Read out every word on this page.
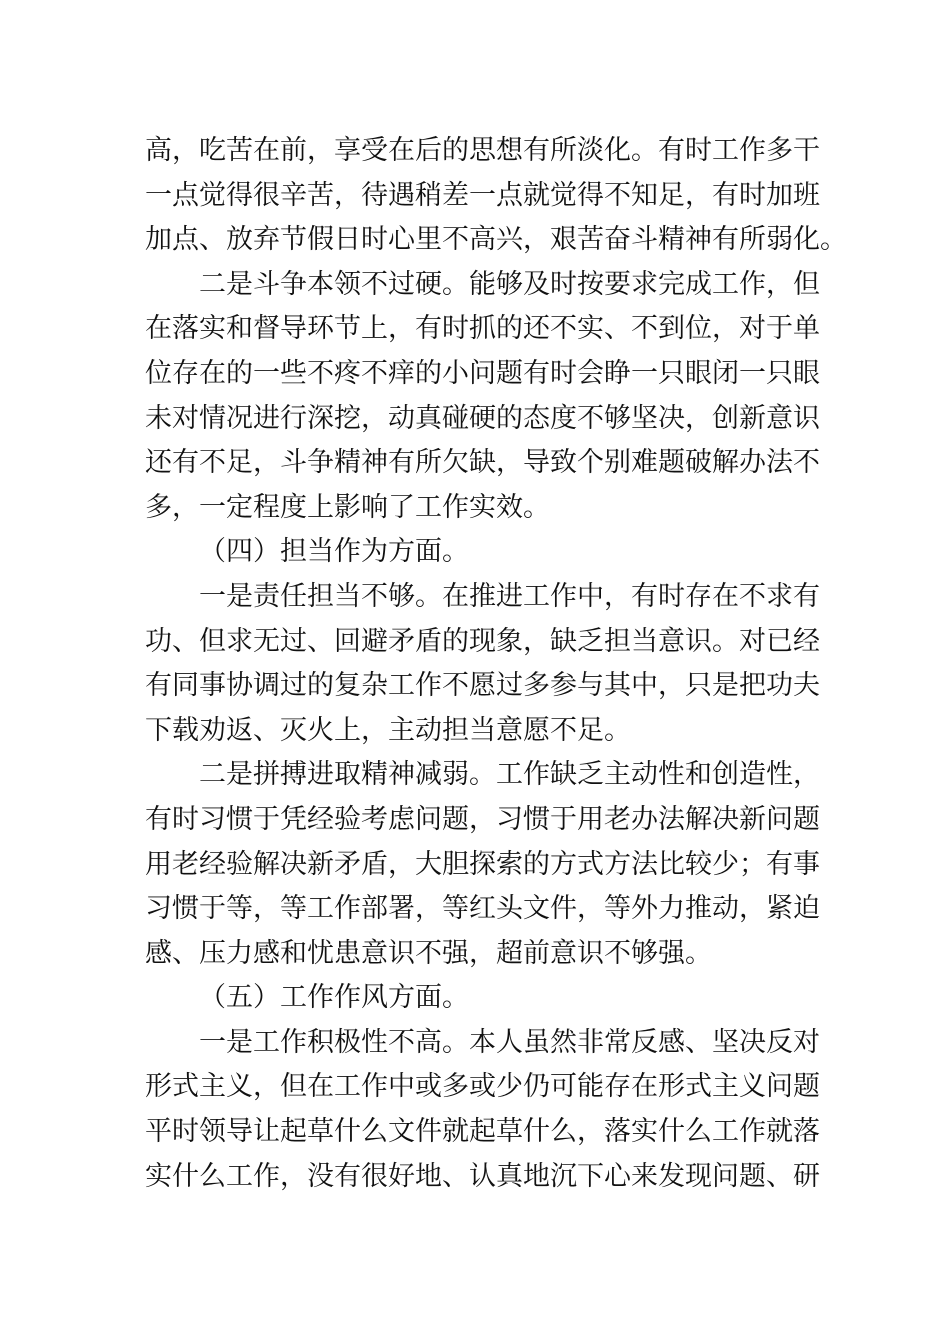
高，吃苦在前，享受在后的思想有所淡化。有时工作多干
一点觉得很辛苦，待遇稍差一点就觉得不知足，有时加班
加点、放弃节假日时心里不高兴，艰苦奋斗精神有所弱化。
二是斗争本领不过硬。能够及时按要求完成工作，但
在落实和督导环节上，有时抓的还不实、不到位，对于单
位存在的一些不疼不痒的小问题有时会睁一只眼闭一只眼
未对情况进行深挖，动真碰硬的态度不够坚决，创新意识
还有不足，斗争精神有所欠缺，导致个别难题破解办法不
多，一定程度上影响了工作实效。
（四）担当作为方面。
一是责任担当不够。在推进工作中，有时存在不求有
功、但求无过、回避矛盾的现象，缺乏担当意识。对已经
有同事协调过的复杂工作不愿过多参与其中，只是把功夫
下载劝返、灭火上，主动担当意愿不足。
二是拼搏进取精神减弱。工作缺乏主动性和创造性，
有时习惯于凭经验考虑问题，习惯于用老办法解决新问题
用老经验解决新矛盾，大胆探索的方式方法比较少；有事
习惯于等，等工作部署，等红头文件，等外力推动，紧迫
感、压力感和忧患意识不强，超前意识不够强。
（五）工作作风方面。
一是工作积极性不高。本人虽然非常反感、坚决反对
形式主义，但在工作中或多或少仍可能存在形式主义问题
平时领导让起草什么文件就起草什么，落实什么工作就落
实什么工作，没有很好地、认真地沉下心来发现问题、研
